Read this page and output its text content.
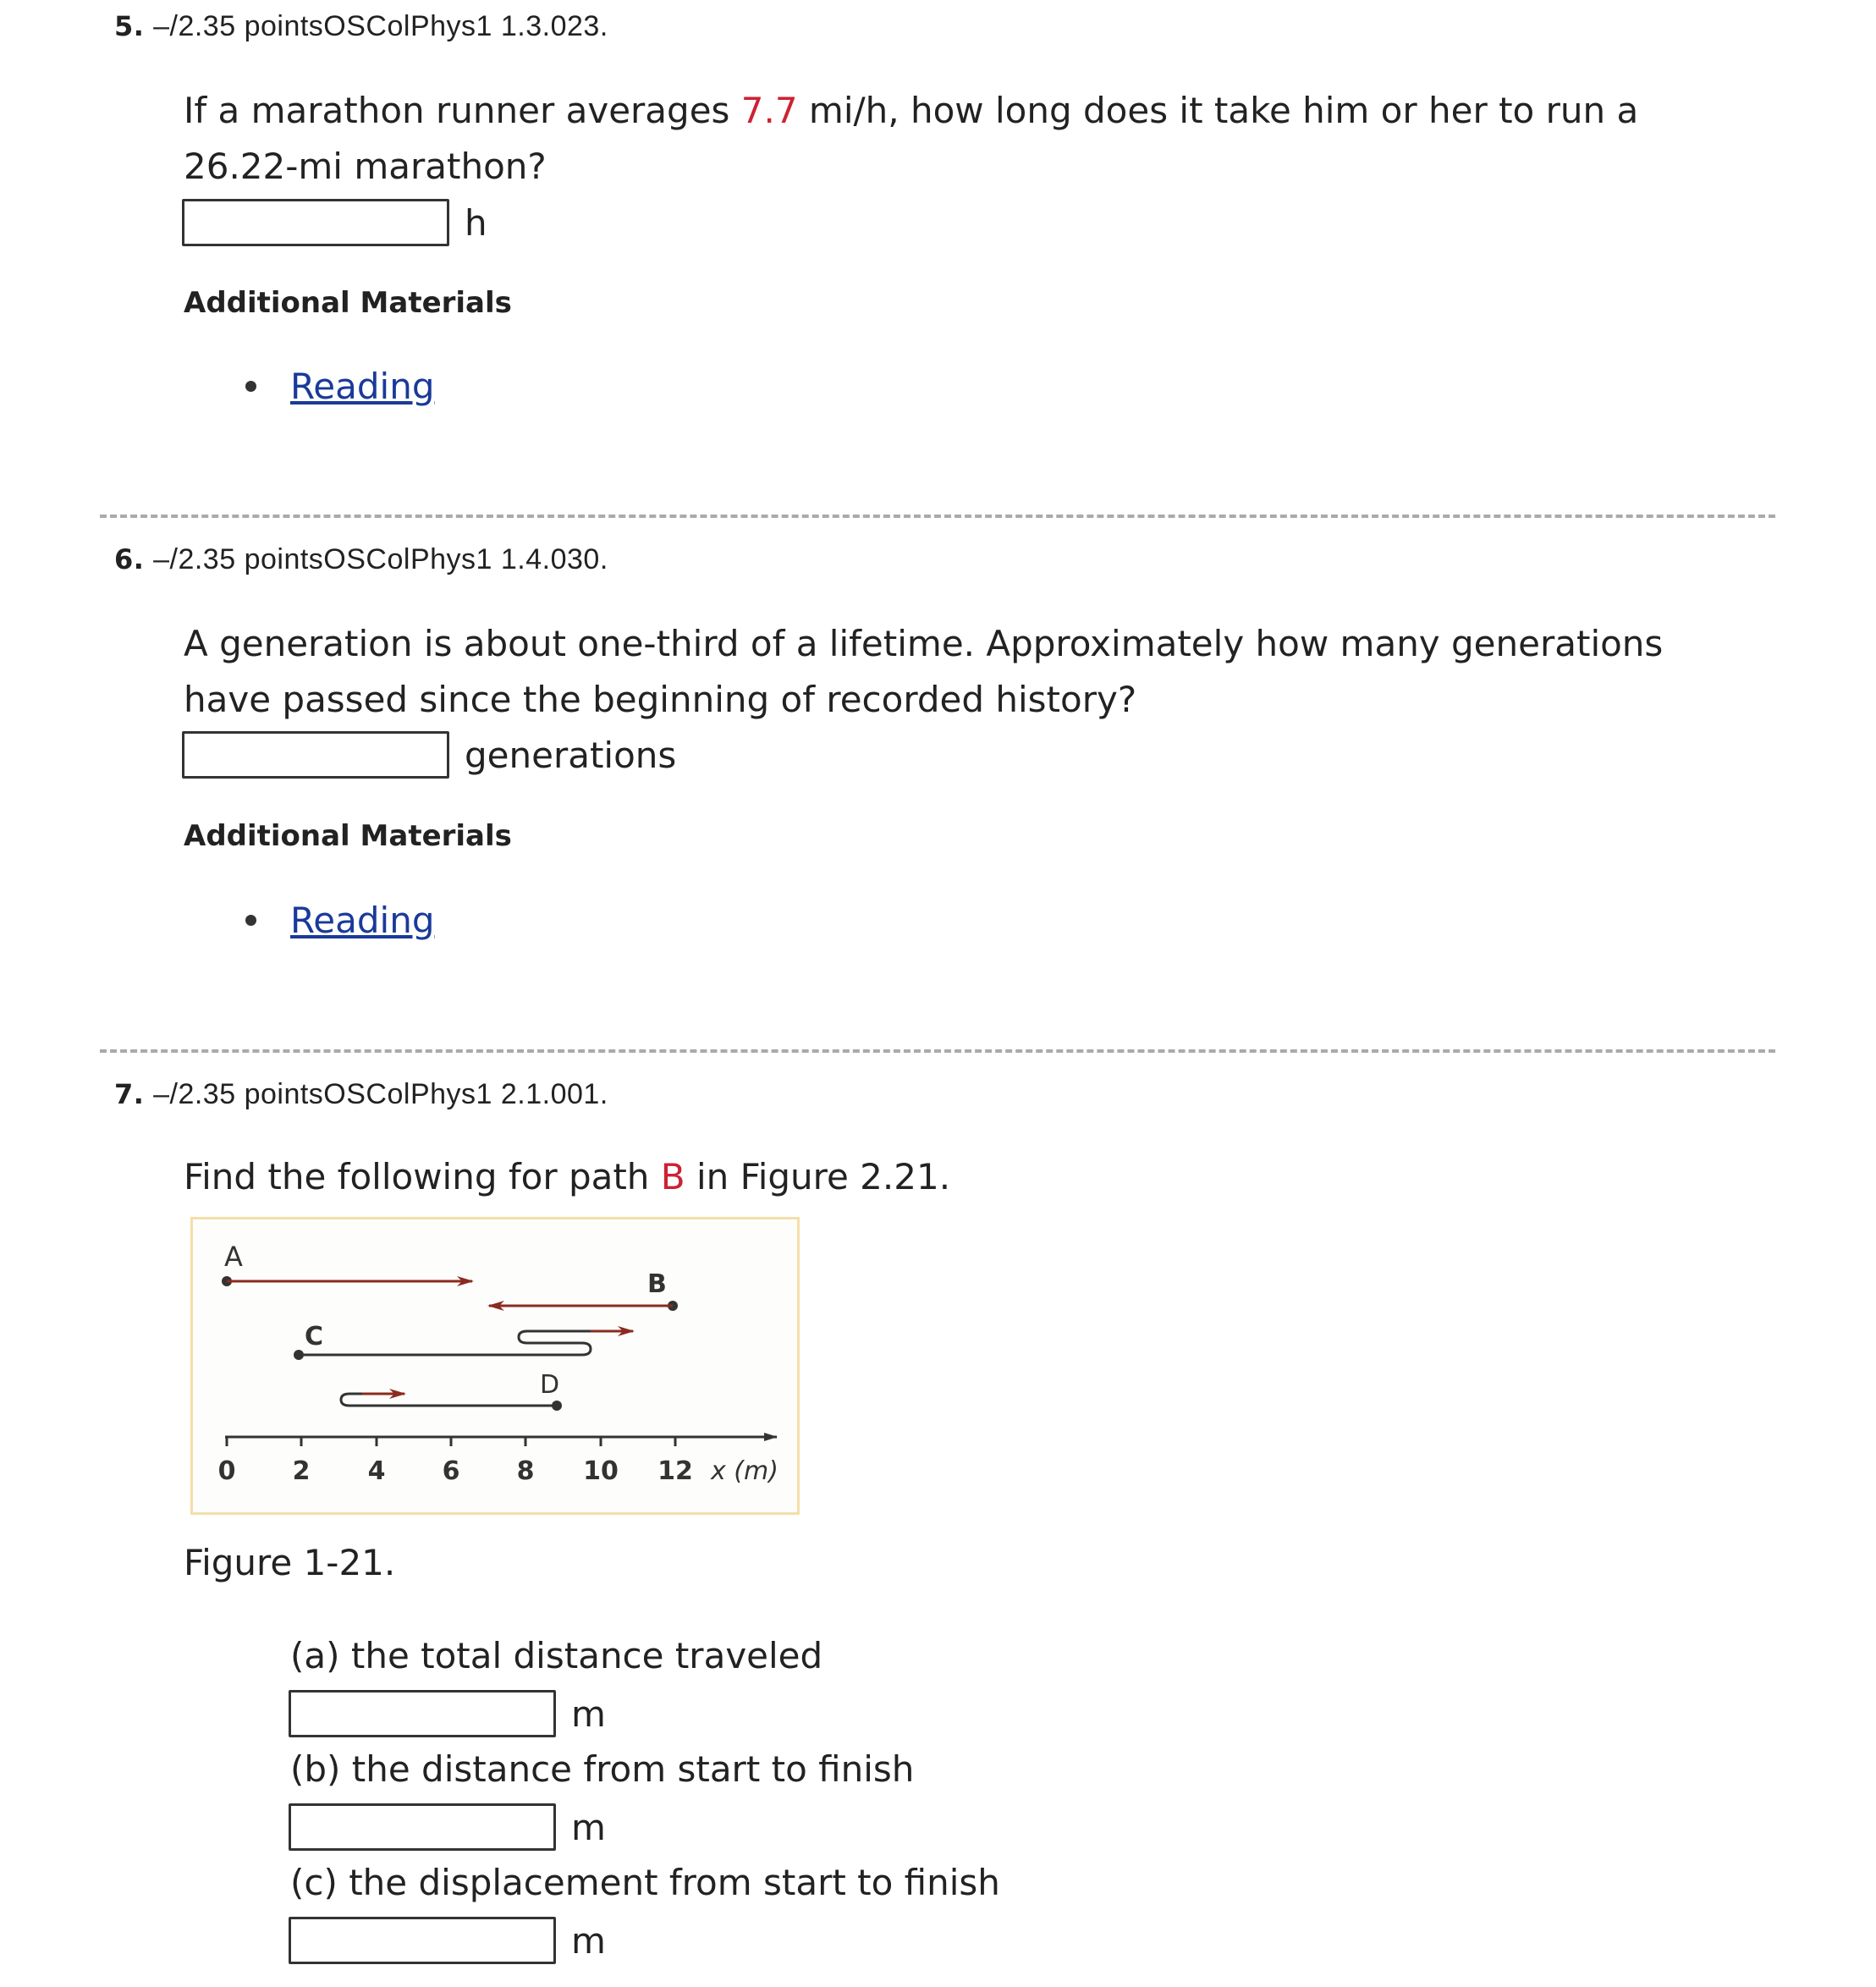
5. –/2.35 pointsOSColPhys1 1.3.023.
If a marathon runner averages 7.7 mi/h, how long does it take him or her to run a 26.22-mi marathon?
h
Additional Materials
Reading
6. –/2.35 pointsOSColPhys1 1.4.030.
A generation is about one-third of a lifetime. Approximately how many generations have passed since the beginning of recorded history?
generations
Additional Materials
Reading
7. –/2.35 pointsOSColPhys1 2.1.001.
Find the following for path B in Figure 2.21.
A
B
C
D
0 2 4 6 8 10 12 x (m)
Figure 1-21.
(a) the total distance traveled
m
(b) the distance from start to finish
m
(c) the displacement from start to finish
m
